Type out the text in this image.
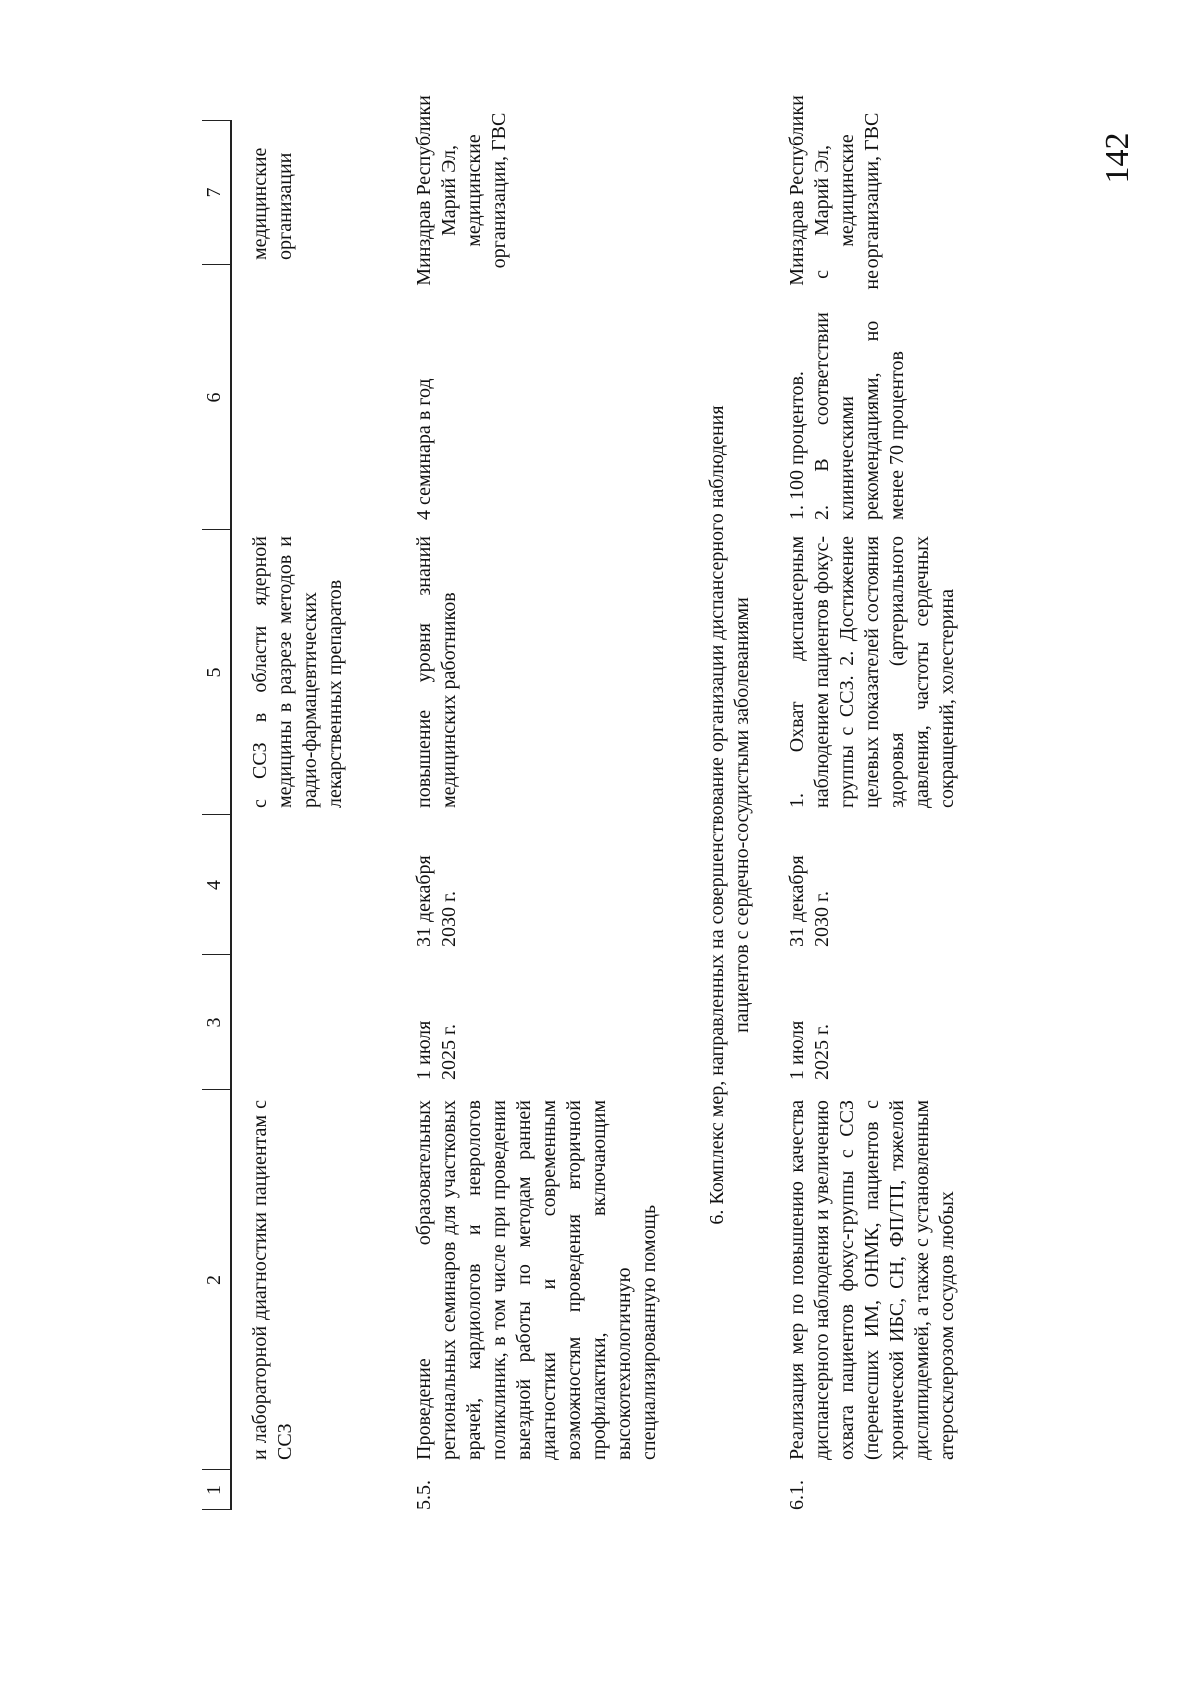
142
1
2
3
4
5
6
7
и лабораторной диагностики пациентам с ССЗ
с ССЗ в области ядерной медицины в разрезе методов и радио-фармацевтических лекарственных препаратов
медицинские организации
5.5.
Проведение образовательных региональных семинаров для участковых врачей, кардиологов и неврологов поликлиник, в том числе при проведении выездной работы по методам ранней диагностики и современным возможностям проведения вторичной профилактики, включающим высокотехнологичную специализированную помощь
1 июля 2025 г.
31 декабря 2030 г.
повышение уровня знаний медицинских работников
4 семинара в год
Минздрав Республики Марий Эл, медицинские организации, ГВС
6. Комплекс мер, направленных на совершенствование организации диспансерного наблюдения пациентов с сердечно-сосудистыми заболеваниями
6.1.
Реализация мер по повышению качества диспансерного наблюдения и увеличению охвата пациентов фокус-группы с ССЗ (перенесших ИМ, ОНМК, пациентов с хронической ИБС, СН, ФП/ТП, тяжелой дислипидемией, а также с установленным атеросклерозом сосудов любых
1 июля 2025 г.
31 декабря 2030 г.
1. Охват диспансерным наблюдением пациентов фокус-группы с ССЗ. 2. Достижение целевых показателей состояния здоровья (артериального давления, частоты сердечных сокращений, холестерина
1. 100 процентов. 2. В соответствии с клиническими рекомендациями, но не менее 70 процентов
Минздрав Республики Марий Эл, медицинские организации, ГВС
